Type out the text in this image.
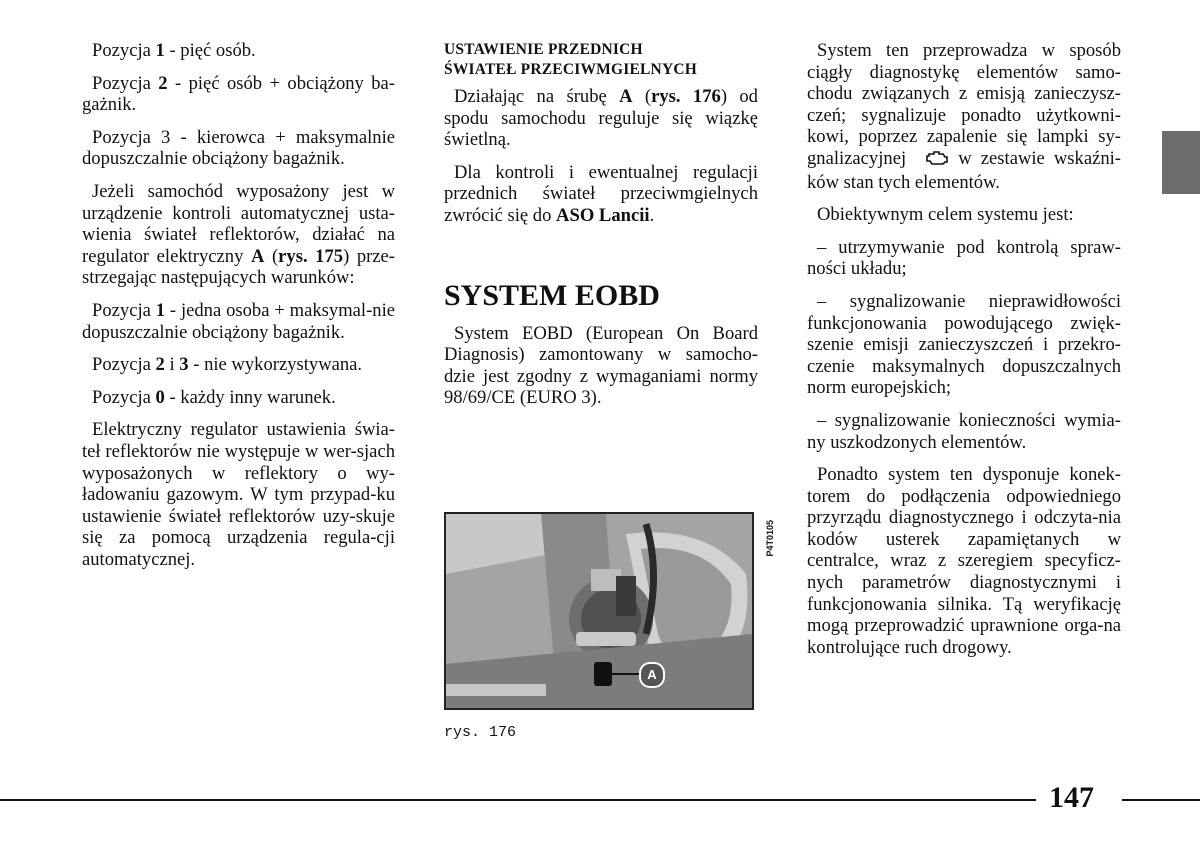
Pozycja 1 - pięć osób.

Pozycja 2 - pięć osób + obciążony ba-gażnik.

Pozycja 3 - kierowca + maksymalnie dopuszczalnie obciążony bagażnik.

Jeżeli samochód wyposażony jest w urządzenie kontroli automatycznej usta-wienia świateł reflektorów, działać na regulator elektryczny A (rys. 175) prze-strzegając następujących warunków:

Pozycja 1 - jedna osoba + maksymal-nie dopuszczalnie obciążony bagażnik.

Pozycja 2 i 3 - nie wykorzystywana.

Pozycja 0 - każdy inny warunek.

Elektryczny regulator ustawienia świa-teł reflektorów nie występuje w wer-sjach wyposażonych w reflektory o wy-ładowaniu gazowym. W tym przypad-ku ustawienie świateł reflektorów uzy-skuje się za pomocą urządzenia regula-cji automatycznej.

USTAWIENIE PRZEDNICH
ŚWIATEŁ PRZECIWMGIELNYCH

Działając na śrubę A (rys. 176) od spodu samochodu reguluje się wiązkę świetlną.

Dla kontroli i ewentualnej regulacji przednich świateł przeciwmgielnych zwrócić się do ASO Lancii.

SYSTEM EOBD

System EOBD (European On Board Diagnosis) zamontowany w samocho-dzie jest zgodny z wymaganiami normy 98/69/CE (EURO 3).

A
P4T0105
rys. 176

System ten przeprowadza w sposób ciągły diagnostykę elementów samo-chodu związanych z emisją zanieczysz-czeń; sygnalizuje ponadto użytkowni-kowi, poprzez zapalenie się lampki sy-gnalizacyjnej  w zestawie wskaźni-ków stan tych elementów.

Obiektywnym celem systemu jest:

– utrzymywanie pod kontrolą spraw-ności układu;

– sygnalizowanie nieprawidłowości funkcjonowania powodującego zwięk-szenie emisji zanieczyszczeń i przekro-czenie maksymalnych dopuszczalnych norm europejskich;

– sygnalizowanie konieczności wymia-ny uszkodzonych elementów.

Ponadto system ten dysponuje konek-torem do podłączenia odpowiedniego przyrządu diagnostycznego i odczyta-nia kodów usterek zapamiętanych w centralce, wraz z szeregiem specyficz-nych parametrów diagnostycznymi i funkcjonowania silnika. Tą weryfikację mogą przeprowadzić uprawnione orga-na kontrolujące ruch drogowy.

147
